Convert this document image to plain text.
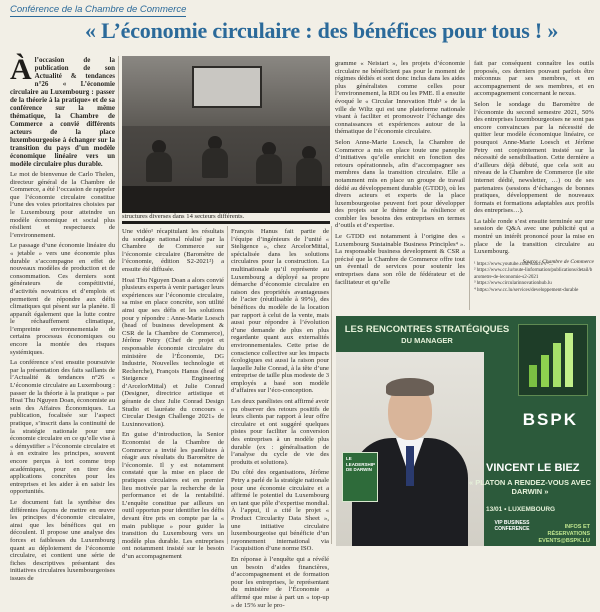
Conférence de la Chambre de Commerce
« L’économie circulaire : des bénéfices pour tous ! »

À l’occasion de la publication de son Actualité & tendances n°26 « L’économie circulaire au Luxembourg : passer de la théorie à la pratique» et de sa conférence sur la même thématique, la Chambre de Commerce a convié différents acteurs de la place luxembourgeoise à échanger sur la transition du pays d’un modèle économique linéaire vers un modèle circulaire plus durable.

Le mot de bienvenue de Carlo Thelen, directeur général de la Chambre de Commerce, a été l’occasion de rappeler que l’économie circulaire constitue l’une des voies prioritaires choisies par le Luxembourg pour atteindre un modèle économique et social plus résilient et respectueux de l’environnement.

Le passage d’une économie linéaire du « jetable » vers une économie plus durable s’accompagne en effet de nouveaux modèles de production et de consommation. Ces derniers sont générateurs de compétitivité, d’activités novatrices et d’emplois et permettent de répondre aux défis climatiques qui pèsent sur la planète. Il apparaît également que la lutte contre le réchauffement climatique, l’empreinte environnementale de certains processus économiques ou encore la montée des risques systémiques.

La conférence s’est ensuite poursuivie par la présentation des faits saillants de l’Actualité & tendances n°26 « L’économie circulaire au Luxembourg : passer de la théorie à la pratique » par Hoai Thu Nguyen Doan, économiste au sein des Affaires Économiques. La publication, focalisée sur l’aspect pratique, s’inscrit dans la continuité de la stratégie nationale pour une économie circulaire en ce qu’elle vise à « démystifier » l’économie circulaire et à en extraire les principes, souvent encore perçus à tort comme trop académiques, pour en tirer des applications concrètes pour les entreprises et les aider à en saisir les opportunités.

Le document fait la synthèse des différentes façons de mettre en œuvre les principes d’économie circulaire, ainsi que les bénéfices qui en découlent. Il propose une analyse des forces et faiblesses du Luxembourg quant au déploiement de l’économie circulaire, et contient une série de fiches descriptives présentant des initiatives circulaires luxembourgeoises issues de

structures diverses dans 14 secteurs différents.

Une vidéo¹ récapitulant les résultats du sondage national réalisé par la Chambre de Commerce sur l’économie circulaire (Baromètre de l’économie, édition S2-2021²) a ensuite été diffusée.

Hoai Thu Nguyen Doan a alors convié plusieurs experts à venir partager leurs expériences sur l’économie circulaire, sa mise en place concrète, son utilité ainsi que ses défis et les solutions pour y répondre : Anne-Marie Loesch (head of business development & CSR de la Chambre de Commerce), Jérôme Petry (Chef de projet et responsable économie circulaire du ministère de l’Économie, DG Industrie, Nouvelles technologie et Recherche), François Hanus (head of Steigence Engineering d’ArcelorMittal) et Julie Conrad (Designer, directrice artistique et gérante de chez Julie Conrad Design Studio et lauréate du concours « Circular Design Challenge 2021» de Luxinnovation).

En guise d’introduction, la Senior Economist de la Chambre de Commerce a invité les panélistes à réagir aux résultats du Baromètre de l’économie. Il y est notamment constaté que la mise en place de pratiques circulaires est en premier lieu motivée par la recherche de la performance et de la rentabilité. L’enquête constitue par ailleurs un outil opportun pour identifier les défis devant être pris en compte par la « main publique » pour guider la transition du Luxembourg vers un modèle plus durable. Les entreprises ont notamment insisté sur le besoin d’un accompagnement

François Hanus fait partie de l’équipe d’ingénieurs de l’unité « Steligence », chez ArcelorMittal, spécialisée dans les solutions circulaires pour la construction. La multinationale qu’il représente au Luxembourg a déployé sa propre démarche d’économie circulaire en raison des propriétés avantageuses de l’acier (réutilisable à 99%), des bénéfices du modèle de la location par rapport à celui de la vente, mais aussi pour répondre à l’évolution d’une demande de plus en plus regardante quant aux externalités environnementales. Cette prise de conscience collective sur les impacts écologiques est aussi la raison pour laquelle Julie Conrad, à la tête d’une entreprise de taille plus modeste de 3 employés a basé son modèle d’affaires sur l’éco-conception.

Les deux panélistes ont affirmé avoir pu observer des retours positifs de leurs clients par rapport à leur offre circulaire et ont suggéré quelques pistes pour faciliter la conversion des entreprises à un modèle plus durable (ex : généralisation de l’analyse du cycle de vie des produits et solutions).

Du côté des organisations, Jérôme Petry a parlé de la stratégie nationale pour une économie circulaire et a affirmé le potentiel du Luxembourg en tant que pôle d’expertise mondial. À l’appui, il a cité le projet « Product Circularity Data Sheet », une initiative circulaire luxembourgeoise qui bénéficie d’un rayonnement international via l’acquisition d’une norme ISO.

En réponse à l’enquête qui a révélé un besoin d’aides financières, d’accompagnement et de formation pour les entreprises, le représentant du ministère de l’Économie a affirmé que mise à part un « top-up » de 15% sur le pro-

gramme « Neistart », les projets d’économie circulaire ne bénéficient pas pour le moment de régimes dédiés et sont donc inclus dans les aides plus généralistes comme celles pour l’environnement, la RDI ou les PME. Il a ensuite évoqué le « Circular Innovation Hub³ » de la ville de Wiltz qui est une plateforme nationale visant à faciliter et promouvoir l’échange des connaissances et expériences autour de la thématique de l’économie circulaire.

Selon Anne-Marie Loesch, la Chambre de Commerce a mis en place toute une panoplie d’initiatives qu’elle enrichit en fonction des retours opérationnels, afin d’accompagner ses membres dans la transition circulaire. Elle a notamment mis en place un groupe de travail dédié au développement durable (GTDD), où les divers acteurs et experts de la place luxembourgeoise peuvent fort pour développer des projets sur le thème de la résilience et combler les besoins des entreprises en termes d’outils et d’expertise.

Le GTDD est notamment à l’origine des « Luxembourg Sustainable Business Principles⁴ ». La responsable business development & CSR a précisé que la Chambre de Commerce offre tout un éventail de services pour soutenir les entreprises dans son rôle de fédérateur et de facilitateur et qu’elle

fait par conséquent connaître les outils proposés, ces derniers pouvant parfois être méconnus par ses membres, et en accompagnement de ses membres, et en accompagnement concernant le nexus.

Selon le sondage du Baromètre de l’économie du second semestre 2021, 50% des entreprises luxembourgeoises ne sont pas encore convaincues par la nécessité de quitter leur modèle économique linéaire, ce pourquoi Anne-Marie Loesch et Jérôme Petry ont conjointement insisté sur la nécessité de sensibilisation. Cette dernière a d’ailleurs déjà débuté, que cela soit au niveau de la Chambre de Commerce (le site internet dédié, newsletter, …) ou de ses partenaires (sessions d’échanges de bonnes pratiques, développement de nouveaux formats et formations adaptables aux profils des entreprises…).

La table ronde s’est ensuite terminée sur une session de Q&A avec une publicité qui a montré un intérêt prononcé pour la mise en place de la transition circulaire au Luxembourg.

Source : Chambre de Commerce

¹ https://www.youtube.com/watch?v=...
² https://www.cc.lu/toute-linformation/publications/detail/barometre-de-leconomie-s2-2021
³ https://www.circularinnovationhub.lu
⁴ https://www.cc.lu/services/developpement-durable
LES RENCONTRES STRATÉGIQUES
DU MANAGER
BSPK
LE LEADERSHIP DE DARWIN	VINCENT LE BIEZ
« PLATON A RENDEZ-VOUS AVEC DARWIN »
13/01 • LUXEMBOURG
VIP BUSINESS CONFERENCE	INFOS ET RÉSERVATIONS EVENTS@BSPK.LU
